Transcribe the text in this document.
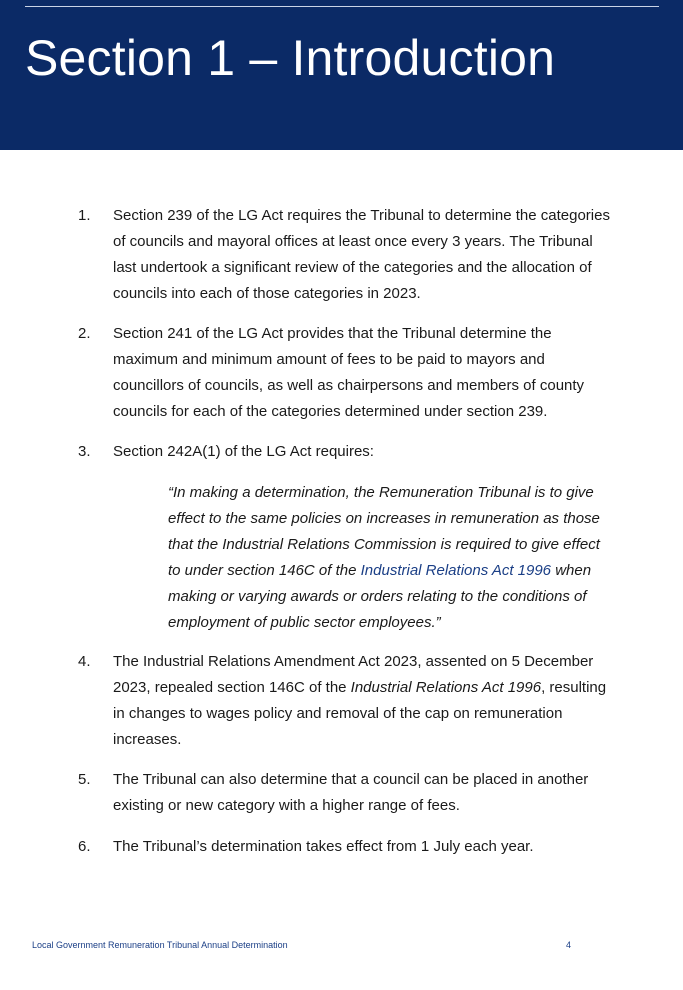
Section 1 – Introduction
1. Section 239 of the LG Act requires the Tribunal to determine the categories of councils and mayoral offices at least once every 3 years. The Tribunal last undertook a significant review of the categories and the allocation of councils into each of those categories in 2023.

2. Section 241 of the LG Act provides that the Tribunal determine the maximum and minimum amount of fees to be paid to mayors and councillors of councils, as well as chairpersons and members of county councils for each of the categories determined under section 239.

3. Section 242A(1) of the LG Act requires:

4. The Industrial Relations Amendment Act 2023, assented on 5 December 2023, repealed section 146C of the Industrial Relations Act 1996, resulting in changes to wages policy and removal of the cap on remuneration increases.

5. The Tribunal can also determine that a council can be placed in another existing or new category with a higher range of fees.

6. The Tribunal’s determination takes effect from 1 July each year.

“In making a determination, the Remuneration Tribunal is to give effect to the same policies on increases in remuneration as those that the Industrial Relations Commission is required to give effect to under section 146C of the Industrial Relations Act 1996 when making or varying awards or orders relating to the conditions of employment of public sector employees.”

Local Government Remuneration Tribunal Annual Determination	4
